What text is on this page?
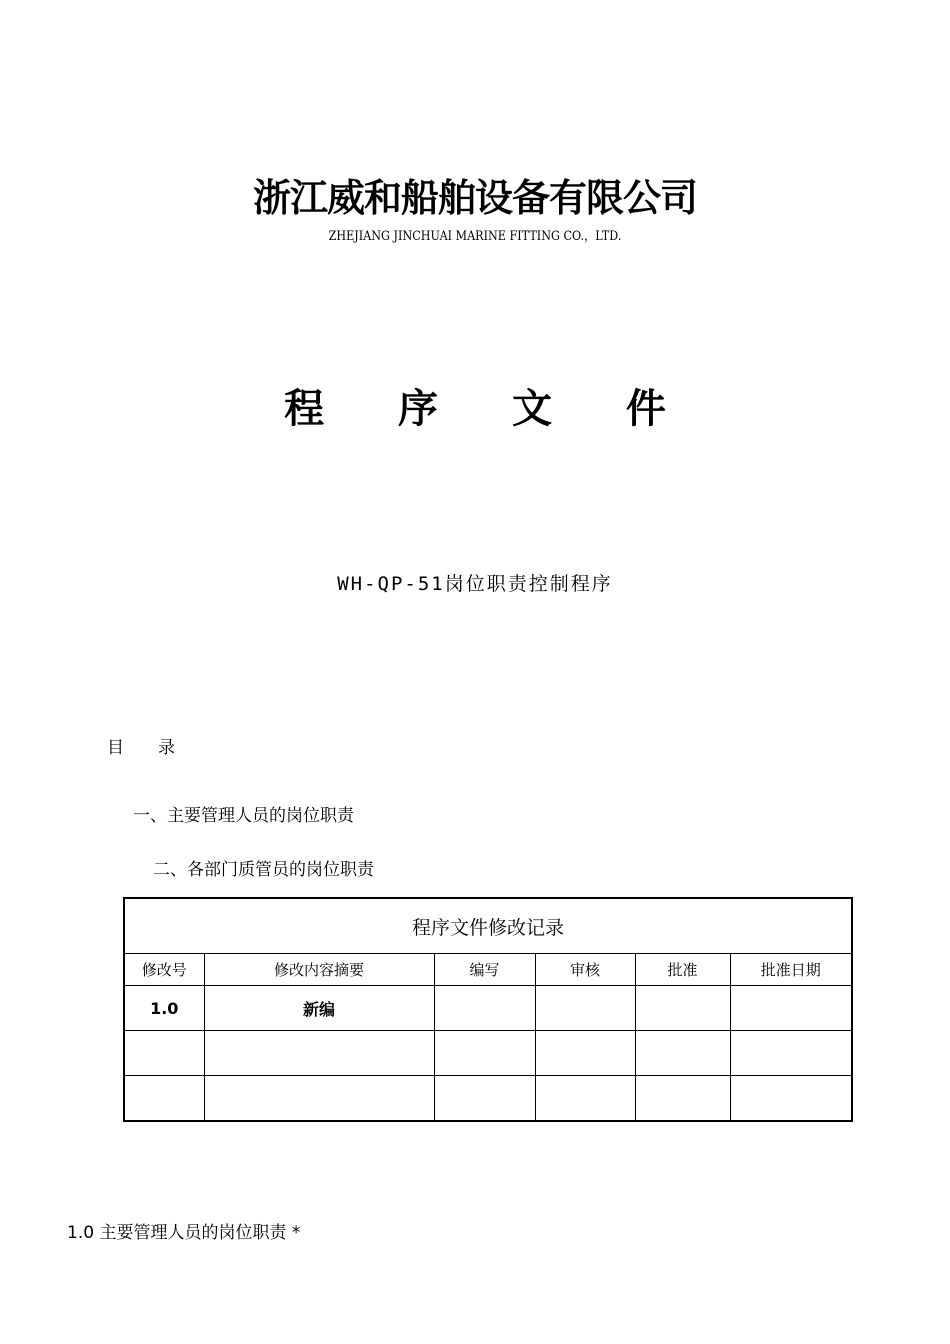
浙江威和船舶设备有限公司
ZHEJIANG JINCHUAI MARINE FITTING CO.，LTD.
程 序 文 件
WH-QP-51岗位职责控制程序
目 录
一、主要管理人员的岗位职责
二、各部门质管员的岗位职责
程序文件修改记录					
修改号	修改内容摘要	编写	审核	批准	批准日期
1.0	新编				

1.0 主要管理人员的岗位职责 *
